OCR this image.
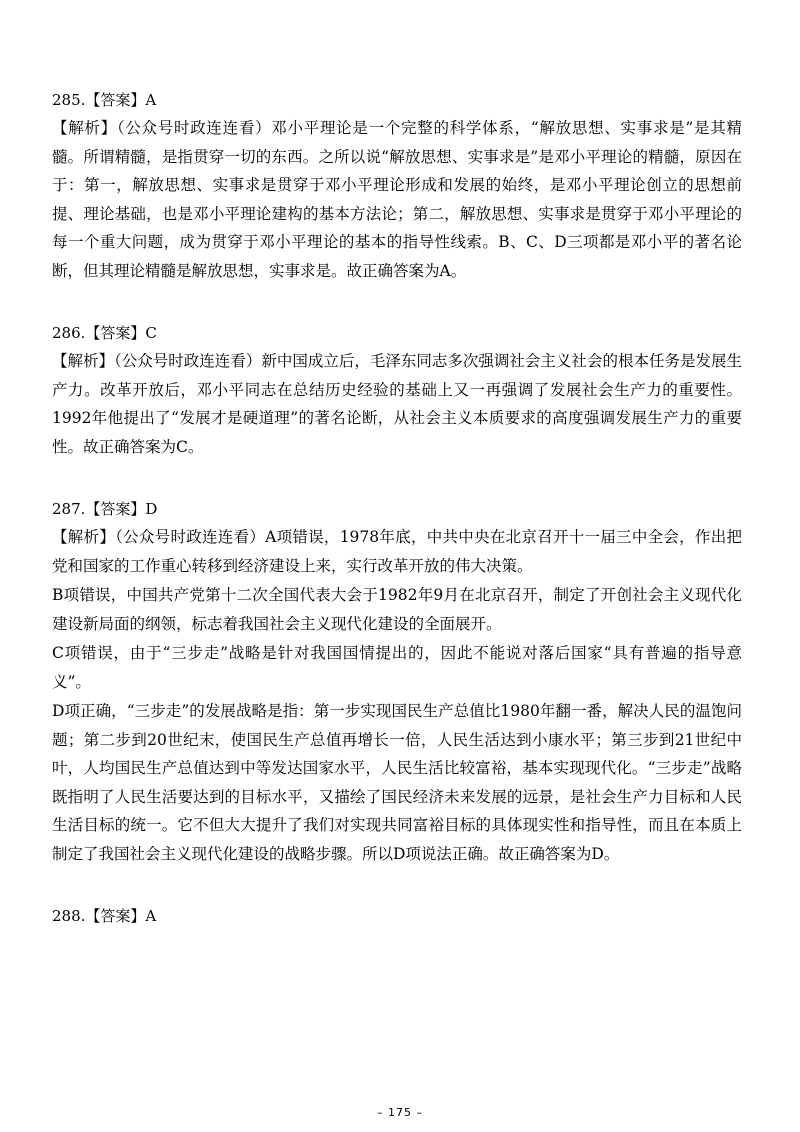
285.【答案】A

【解析】（公众号时政连连看）邓小平理论是一个完整的科学体系，“解放思想、实事求是”是其精髓。所谓精髓，是指贯穿一切的东西。之所以说“解放思想、实事求是”是邓小平理论的精髓，原因在于：第一，解放思想、实事求是贯穿于邓小平理论形成和发展的始终，是邓小平理论创立的思想前提、理论基础，也是邓小平理论建构的基本方法论；第二，解放思想、实事求是贯穿于邓小平理论的每一个重大问题，成为贯穿于邓小平理论的基本的指导性线索。B、C、D三项都是邓小平的著名论断，但其理论精髓是解放思想，实事求是。故正确答案为A。

286.【答案】C

【解析】（公众号时政连连看）新中国成立后，毛泽东同志多次强调社会主义社会的根本任务是发展生产力。改革开放后，邓小平同志在总结历史经验的基础上又一再强调了发展社会生产力的重要性。1992年他提出了“发展才是硬道理”的著名论断，从社会主义本质要求的高度强调发展生产力的重要性。故正确答案为C。

287.【答案】D

【解析】（公众号时政连连看）A项错误，1978年底，中共中央在北京召开十一届三中全会，作出把党和国家的工作重心转移到经济建设上来，实行改革开放的伟大决策。

B项错误，中国共产党第十二次全国代表大会于1982年9月在北京召开，制定了开创社会主义现代化建设新局面的纲领，标志着我国社会主义现代化建设的全面展开。

C项错误，由于“三步走”战略是针对我国国情提出的，因此不能说对落后国家“具有普遍的指导意义”。

D项正确，“三步走”的发展战略是指：第一步实现国民生产总值比1980年翻一番，解决人民的温饱问题；第二步到20世纪末，使国民生产总值再增长一倍，人民生活达到小康水平；第三步到21世纪中叶，人均国民生产总值达到中等发达国家水平，人民生活比较富裕，基本实现现代化。“三步走”战略既指明了人民生活要达到的目标水平，又描绘了国民经济未来发展的远景，是社会生产力目标和人民生活目标的统一。它不但大大提升了我们对实现共同富裕目标的具体现实性和指导性，而且在本质上制定了我国社会主义现代化建设的战略步骤。所以D项说法正确。故正确答案为D。

288.【答案】A
– 175 –
